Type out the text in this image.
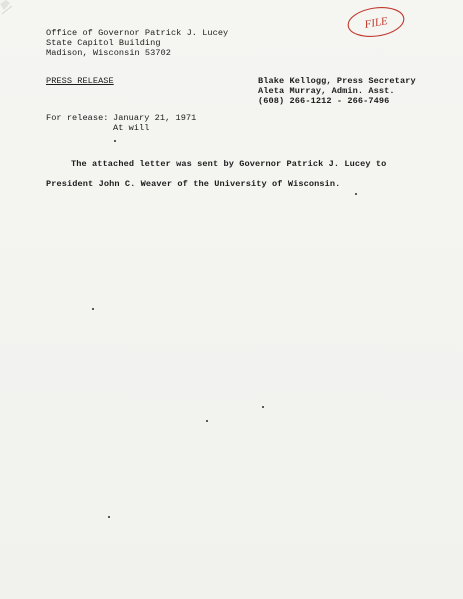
Office of Governor Patrick J. Lucey
State Capitol Building
Madison, Wisconsin 53702
FILE
PRESS RELEASE	Blake Kellogg, Press Secretary
Aleta Murray, Admin. Asst.
(608) 266-1212 - 266-7496
For release: January 21, 1971
At will
The attached letter was sent by Governor Patrick J. Lucey to
President John C. Weaver of the University of Wisconsin.
